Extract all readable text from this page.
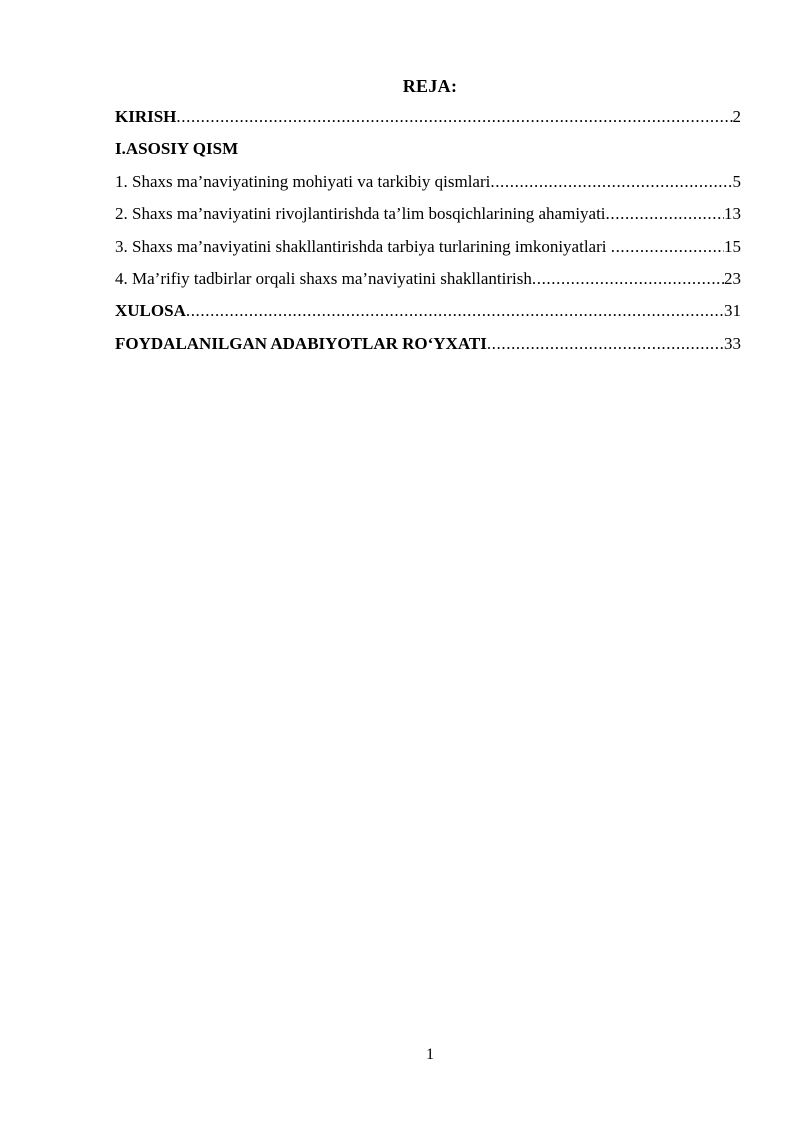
REJA:
KIRISH .....	2
I.ASOSIY QISM
1. Shaxs ma’naviyatining mohiyati va tarkibiy qismlari .....	5
2. Shaxs ma’naviyatini rivojlantirishda ta’lim bosqichlarining ahamiyati .....	13
3. Shaxs ma’naviyatini shakllantirishda tarbiya turlarining imkoniyatlari .....	15
4. Ma’rifiy tadbirlar orqali shaxs ma’naviyatini shakllantirish .....	23
XULOSA .....	31
FOYDALANILGAN ADABIYOTLAR RO‘YXATI .....	33
1
